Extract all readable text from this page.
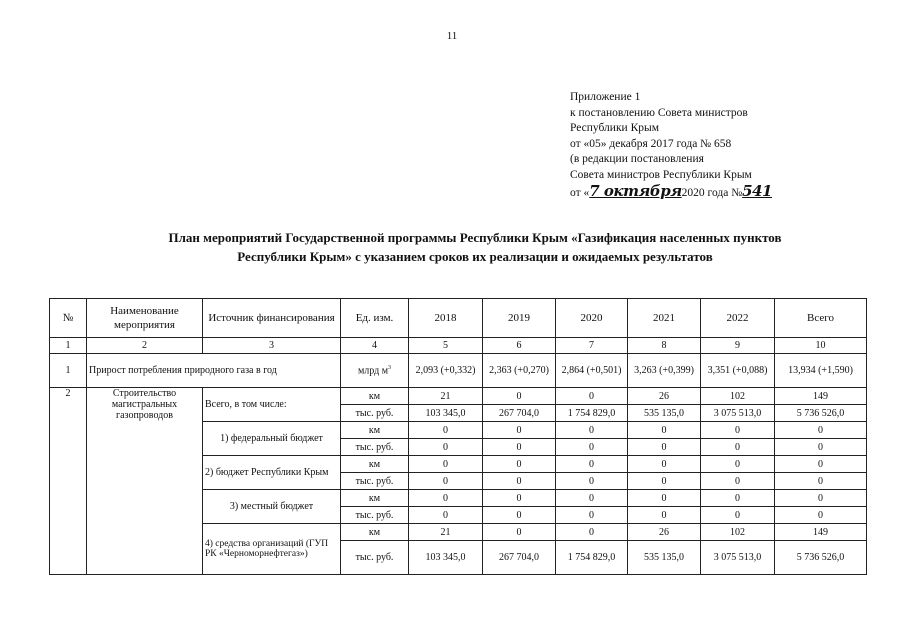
11
Приложение 1
к постановлению Совета министров
Республики Крым
от «05» декабря 2017 года № 658
(в редакции постановления
Совета министров Республики Крым
от «7 октября2020 года №541
План мероприятий Государственной программы Республики Крым «Газификация населенных пунктов
Республики Крым» с указанием сроков их реализации и ожидаемых результатов
№	Наименование мероприятия	Источник финансирования	Ед. изм.	2018	2019	2020	2021	2022	Всего
1	2	3	4	5	6	7	8	9	10
1	Прирост потребления природного газа в год		млрд $м^3$	2,093 (+0,332)	2,363 (+0,270)	2,864 (+0,501)	3,263 (+0,399)	3,351 (+0,088)	13,934 (+1,590)
2	Строительство магистральных газопроводов	Всего, в том числе:	км	21	0	0	26	102	149
			тыс. руб.	103 345,0	267 704,0	1 754 829,0	535 135,0	3 075 513,0	5 736 526,0
		1) федеральный бюджет	км	0	0	0	0	0	0
			тыс. руб.	0	0	0	0	0	0
		2) бюджет Республики Крым	км	0	0	0	0	0	0
			тыс. руб.	0	0	0	0	0	0
		3) местный бюджет	км	0	0	0	0	0	0
			тыс. руб.	0	0	0	0	0	0
		4) средства организаций (ГУП РК «Черноморнефтегаз»)	км	21	0	0	26	102	149
			тыс. руб.	103 345,0	267 704,0	1 754 829,0	535 135,0	3 075 513,0	5 736 526,0
